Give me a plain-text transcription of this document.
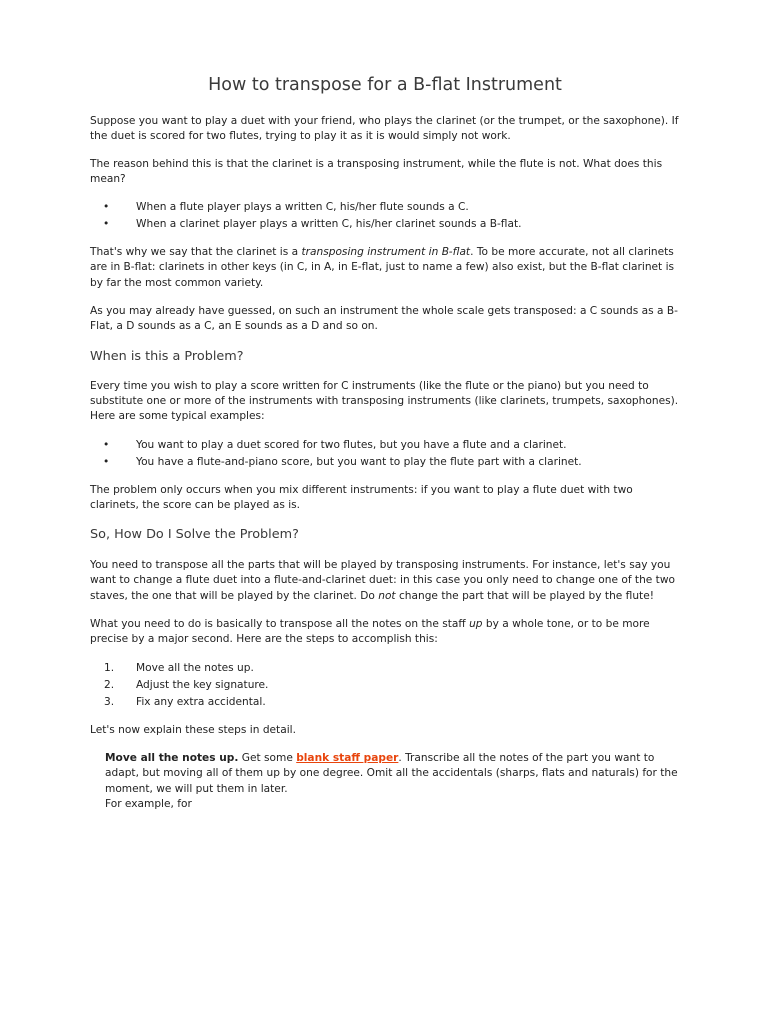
How to transpose for a B-flat Instrument

Suppose you want to play a duet with your friend, who plays the clarinet (or the trumpet, or the saxophone). If the duet is scored for two flutes, trying to play it as it is would simply not work.

The reason behind this is that the clarinet is a transposing instrument, while the flute is not. What does this mean?

•	When a flute player plays a written C, his/her flute sounds a C.
•	When a clarinet player plays a written C, his/her clarinet sounds a B-flat.

That's why we say that the clarinet is a transposing instrument in B-flat. To be more accurate, not all clarinets are in B-flat: clarinets in other keys (in C, in A, in E-flat, just to name a few) also exist, but the B-flat clarinet is by far the most common variety.

As you may already have guessed, on such an instrument the whole scale gets transposed: a C sounds as a B-Flat, a D sounds as a C, an E sounds as a D and so on.

When is this a Problem?

Every time you wish to play a score written for C instruments (like the flute or the piano) but you need to substitute one or more of the instruments with transposing instruments (like clarinets, trumpets, saxophones). Here are some typical examples:

•	You want to play a duet scored for two flutes, but you have a flute and a clarinet.
•	You have a flute-and-piano score, but you want to play the flute part with a clarinet.

The problem only occurs when you mix different instruments: if you want to play a flute duet with two clarinets, the score can be played as is.

So, How Do I Solve the Problem?

You need to transpose all the parts that will be played by transposing instruments. For instance, let's say you want to change a flute duet into a flute-and-clarinet duet: in this case you only need to change one of the two staves, the one that will be played by the clarinet. Do not change the part that will be played by the flute!

What you need to do is basically to transpose all the notes on the staff up by a whole tone, or to be more precise by a major second. Here are the steps to accomplish this:

1. Move all the notes up.
2. Adjust the key signature.
3. Fix any extra accidental.

Let's now explain these steps in detail.

Move all the notes up. Get some blank staff paper. Transcribe all the notes of the part you want to adapt, but moving all of them up by one degree. Omit all the accidentals (sharps, flats and naturals) for the moment, we will put them in later.
For example, for
